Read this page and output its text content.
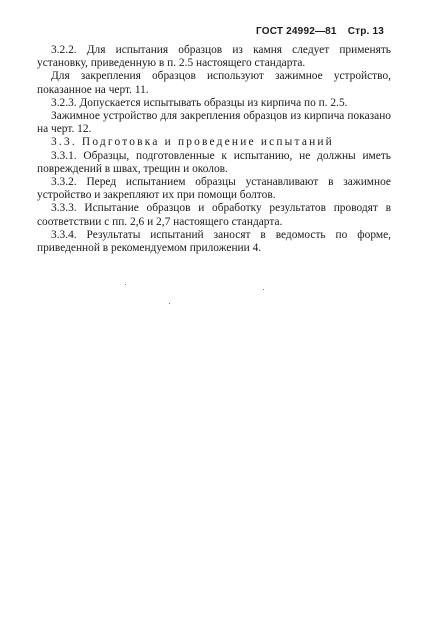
ГОСТ 24992—81 Стр. 13

3.2.2. Для испытания образцов из камня следует применять установку, приведенную в п. 2.5 настоящего стандарта.

Для закрепления образцов используют зажимное устройство, показанное на черт. 11.

3.2.3. Допускается испытывать образцы из кирпича по п. 2.5.

Зажимное устройство для закрепления образцов из кирпича показано на черт. 12.

3.3. Подготовка и проведение испытаний

3.3.1. Образцы, подготовленные к испытанию, не должны иметь повреждений в швах, трещин и околов.

3.3.2. Перед испытанием образцы устанавливают в зажимное устройство и закрепляют их при помощи болтов.

3.3.3. Испытание образцов и обработку результатов проводят в соответствии с пп. 2,6 и 2,7 настоящего стандарта.

3.3.4. Результаты испытаний заносят в ведомость по форме, приведенной в рекомендуемом приложении 4.
